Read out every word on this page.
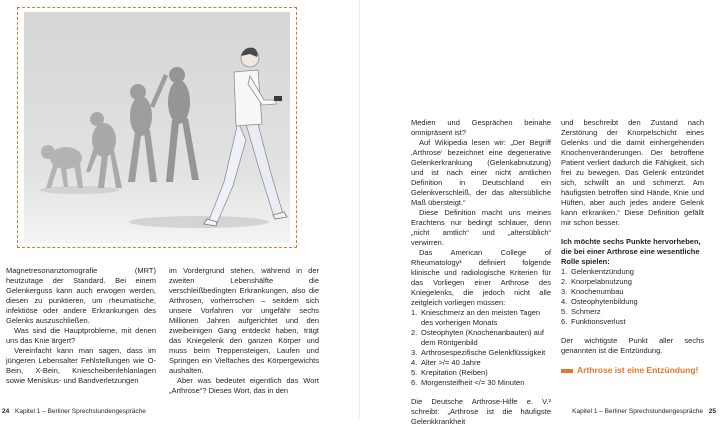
Magnetresonanztomografie (MRT) heutzutage der Standard. Bei einem Gelenkerguss kann auch erwogen werden, diesen zu punktieren, um rheumatische, infektiöse oder andere Erkrankungen des Gelenks auszuschließen.

Was sind die Hauptprobleme, mit denen uns das Knie ärgert?

Vereinfacht kann man sagen, dass im jüngeren Lebensalter Fehlstellungen wie O-Bein, X-Bein, Kniescheibenfehlanlagen sowie Meniskus- und Bandverletzungen

im Vordergrund stehen, während in der zweiten Lebenshälfte die verschleißbedingten Erkrankungen, also die Arthrosen, vorherrschen – seitdem sich unsere Vorfahren vor ungefähr sechs Millionen Jahren aufgerichtet und den zweibeinigen Gang entdeckt haben, trägt das Kniegelenk den ganzen Körper und muss beim Treppensteigen, Laufen und Springen ein Vielfaches des Körpergewichts aushalten.

Aber was bedeutet eigentlich das Wort „Arthrose“? Dieses Wort, das in den

24 Kapitel 1 – Berliner Sprechstundengespräche

Medien und Gesprächen beinahe omnipräsent ist?

Auf Wikipedia lesen wir: „Der Begriff ‚Arthrose‘ bezeichnet eine degenerative Gelenkerkrankung (Gelenkabnutzung) und ist nach einer nicht amtlichen Definition in Deutschland ein Gelenkverschleiß, der das altersübliche Maß übersteigt.“

Diese Definition macht uns meines Erachtens nur bedingt schlauer, denn „nicht amtlich“ und „altersüblich“ verwirren.

Das American College of Rheumatology¹ definiert folgende klinische und radiologische Kriterien für das Vorliegen einer Arthrose des Kniegelenks, die jedoch nicht alle zeitgleich vorliegen müssen:

1. Knieschmerz an den meisten Tagen des vorherigen Monats
2. Osteophyten (Knochenanbauten) auf dem Röntgenbild
3. Arthrosespezifische Gelenkflüssigkeit
4. Alter >/= 40 Jahre
5. Krepitation (Reiben)
6. Morgensteifheit </= 30 Minuten

Die Deutsche Arthrose-Hilfe e. V.² schreibt: „Arthrose ist die häufigste Gelenkkrankheit

und beschreibt den Zustand nach Zerstörung der Knorpelschicht eines Gelenks und die damit einhergehenden Knochenveränderungen. Der betroffene Patient verliert dadurch die Fähigkeit, sich frei zu bewegen. Das Gelenk entzündet sich, schwillt an und schmerzt. Am häufigsten betroffen sind Hände, Knie und Hüften, aber auch jedes andere Gelenk kann erkranken.“ Diese Definition gefällt mir schon besser.

Ich möchte sechs Punkte hervorheben, die bei einer Arthrose eine wesentliche Rolle spielen:

1. Gelenkentzündung
2. Knorpelabnutzung
3. Knochenumbau
4. Osteophytenbildung
5. Schmerz
6. Funktionsverlust

Der wichtigste Punkt aller sechs genannten ist die Entzündung.

Arthrose ist eine Entzündung!
Kapitel 1 – Berliner Sprechstundengespräche 25
